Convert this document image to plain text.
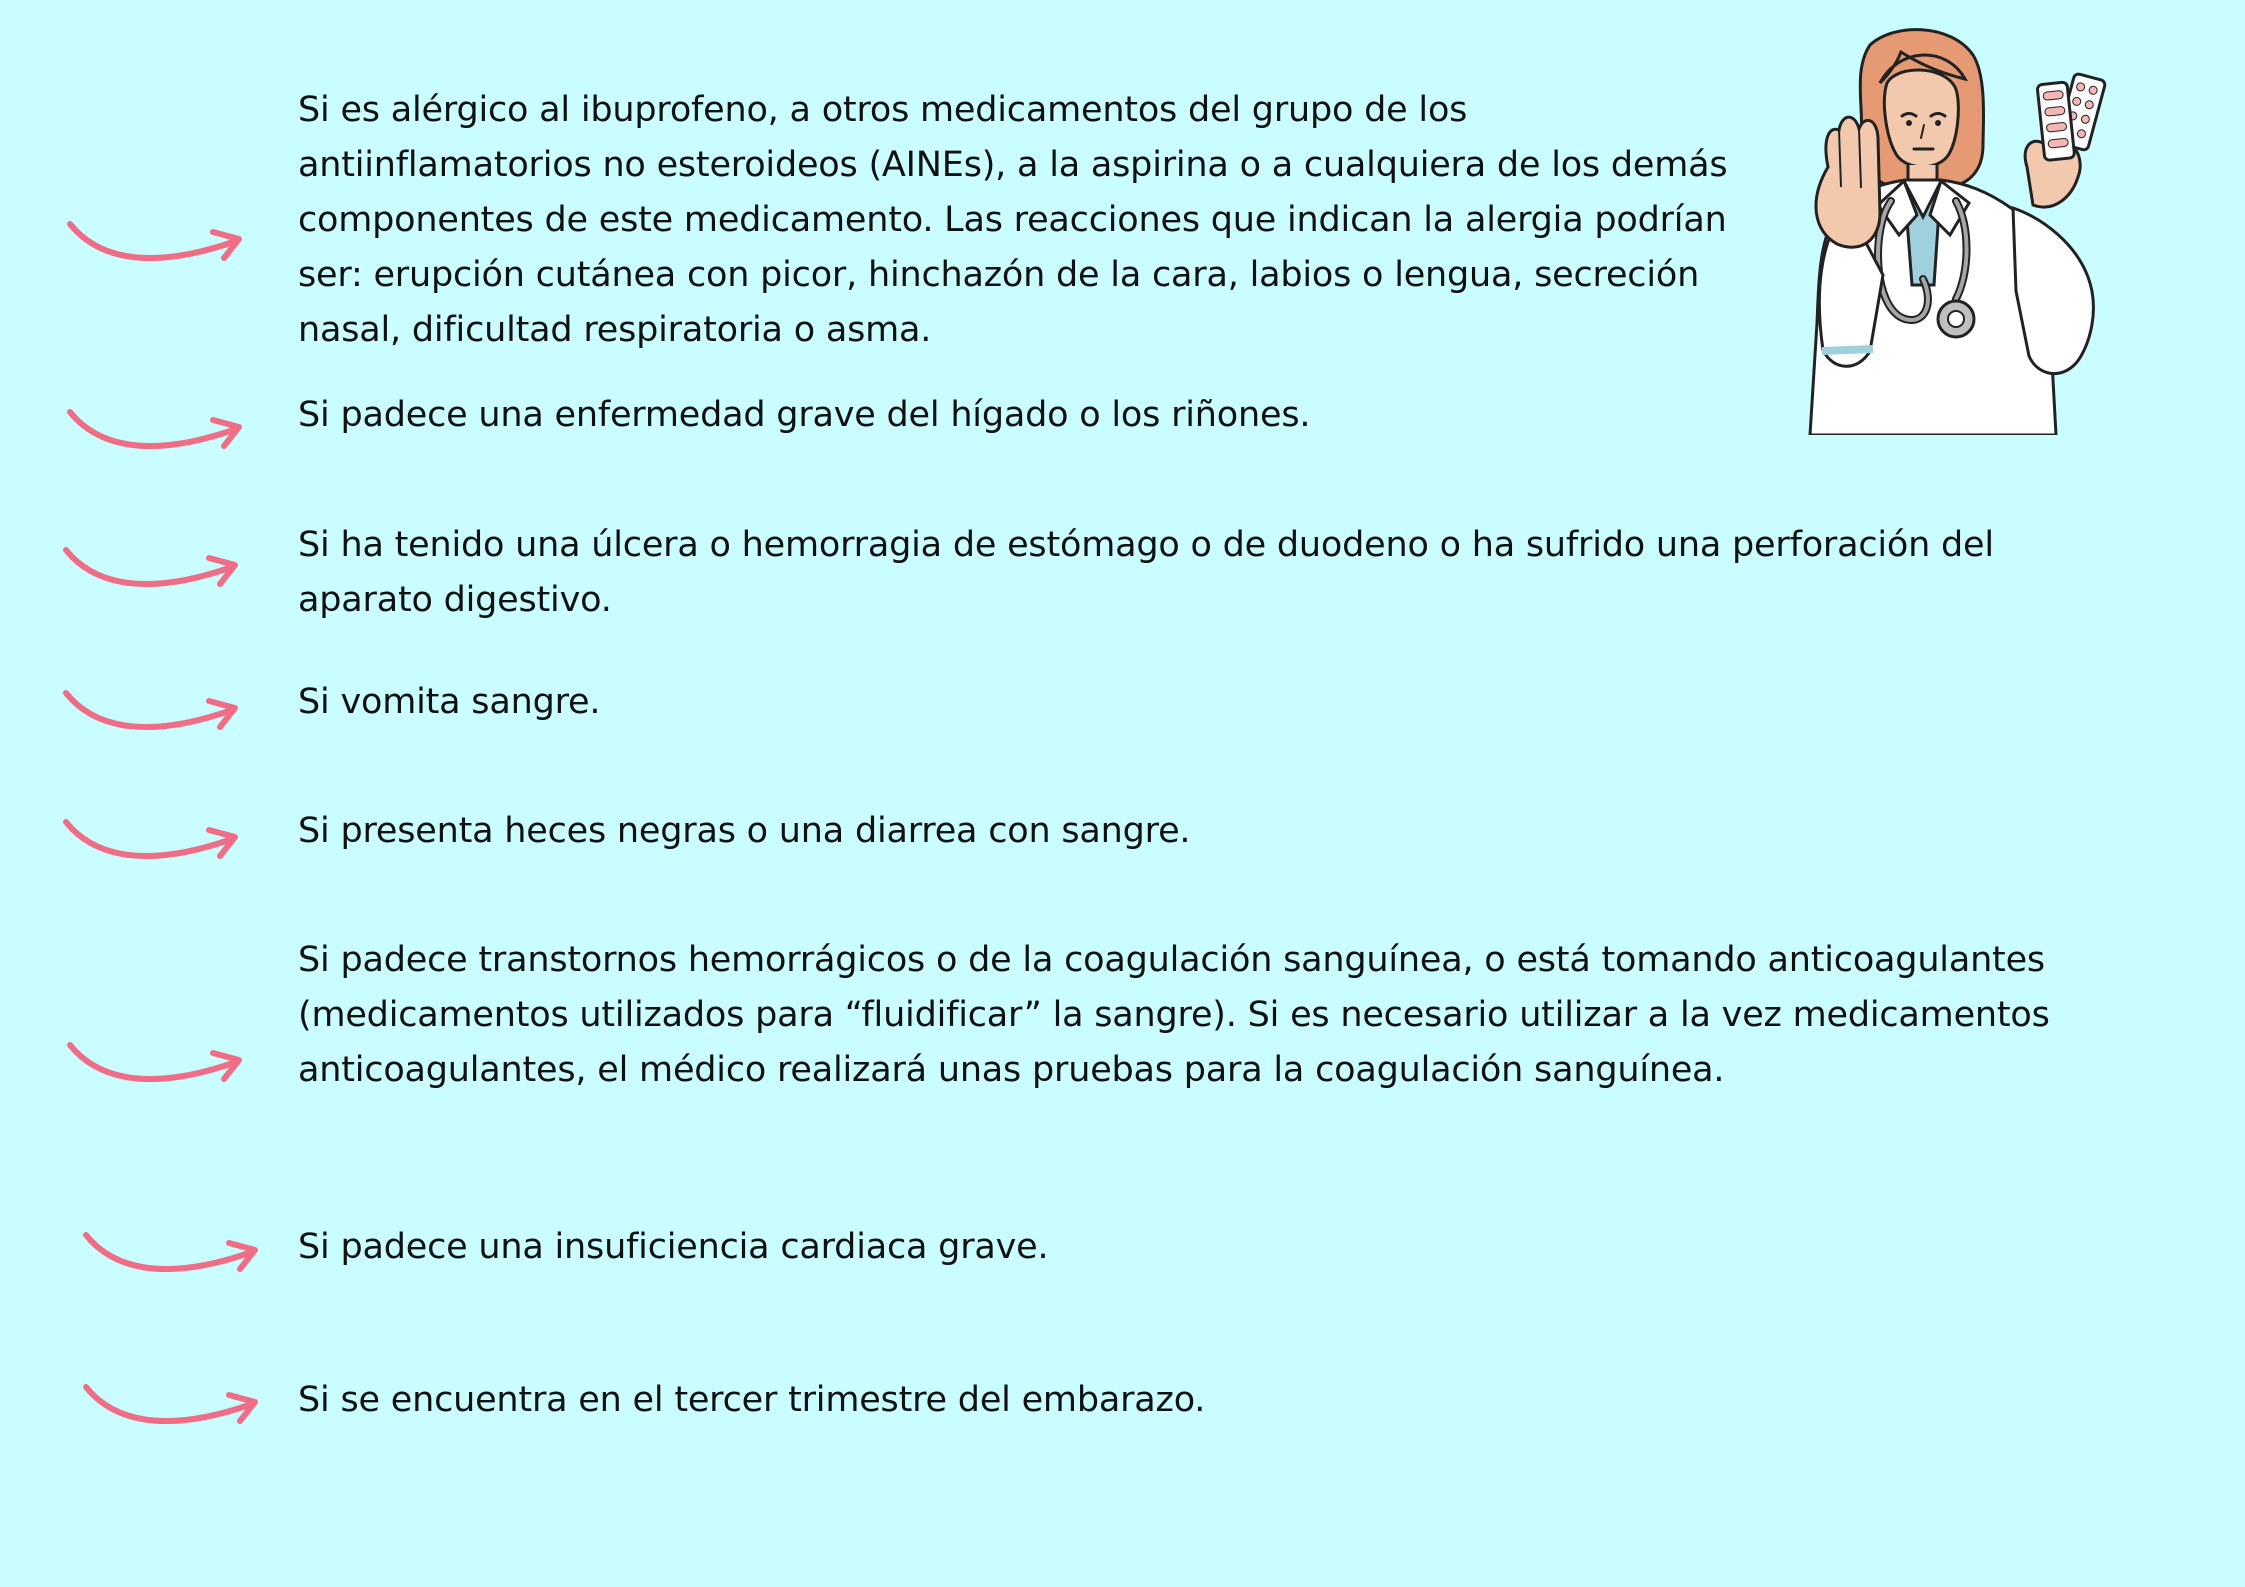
Si es alérgico al ibuprofeno, a otros medicamentos del grupo de los antiinflamatorios no esteroideos (AINEs), a la aspirina o a cualquiera de los demás componentes de este medicamento. Las reacciones que indican la alergia podrían ser: erupción cutánea con picor, hinchazón de la cara, labios o lengua, secreción nasal, dificultad respiratoria o asma.
Si padece una enfermedad grave del hígado o los riñones.
Si ha tenido una úlcera o hemorragia de estómago o de duodeno o ha sufrido una perforación del aparato digestivo.
Si vomita sangre.
Si presenta heces negras o una diarrea con sangre.
Si padece transtornos hemorrágicos o de la coagulación sanguínea, o está tomando anticoagulantes (medicamentos utilizados para “fluidificar” la sangre). Si es necesario utilizar a la vez medicamentos anticoagulantes, el médico realizará unas pruebas para la coagulación sanguínea.
Si padece una insuficiencia cardiaca grave.
Si se encuentra en el tercer trimestre del embarazo.
